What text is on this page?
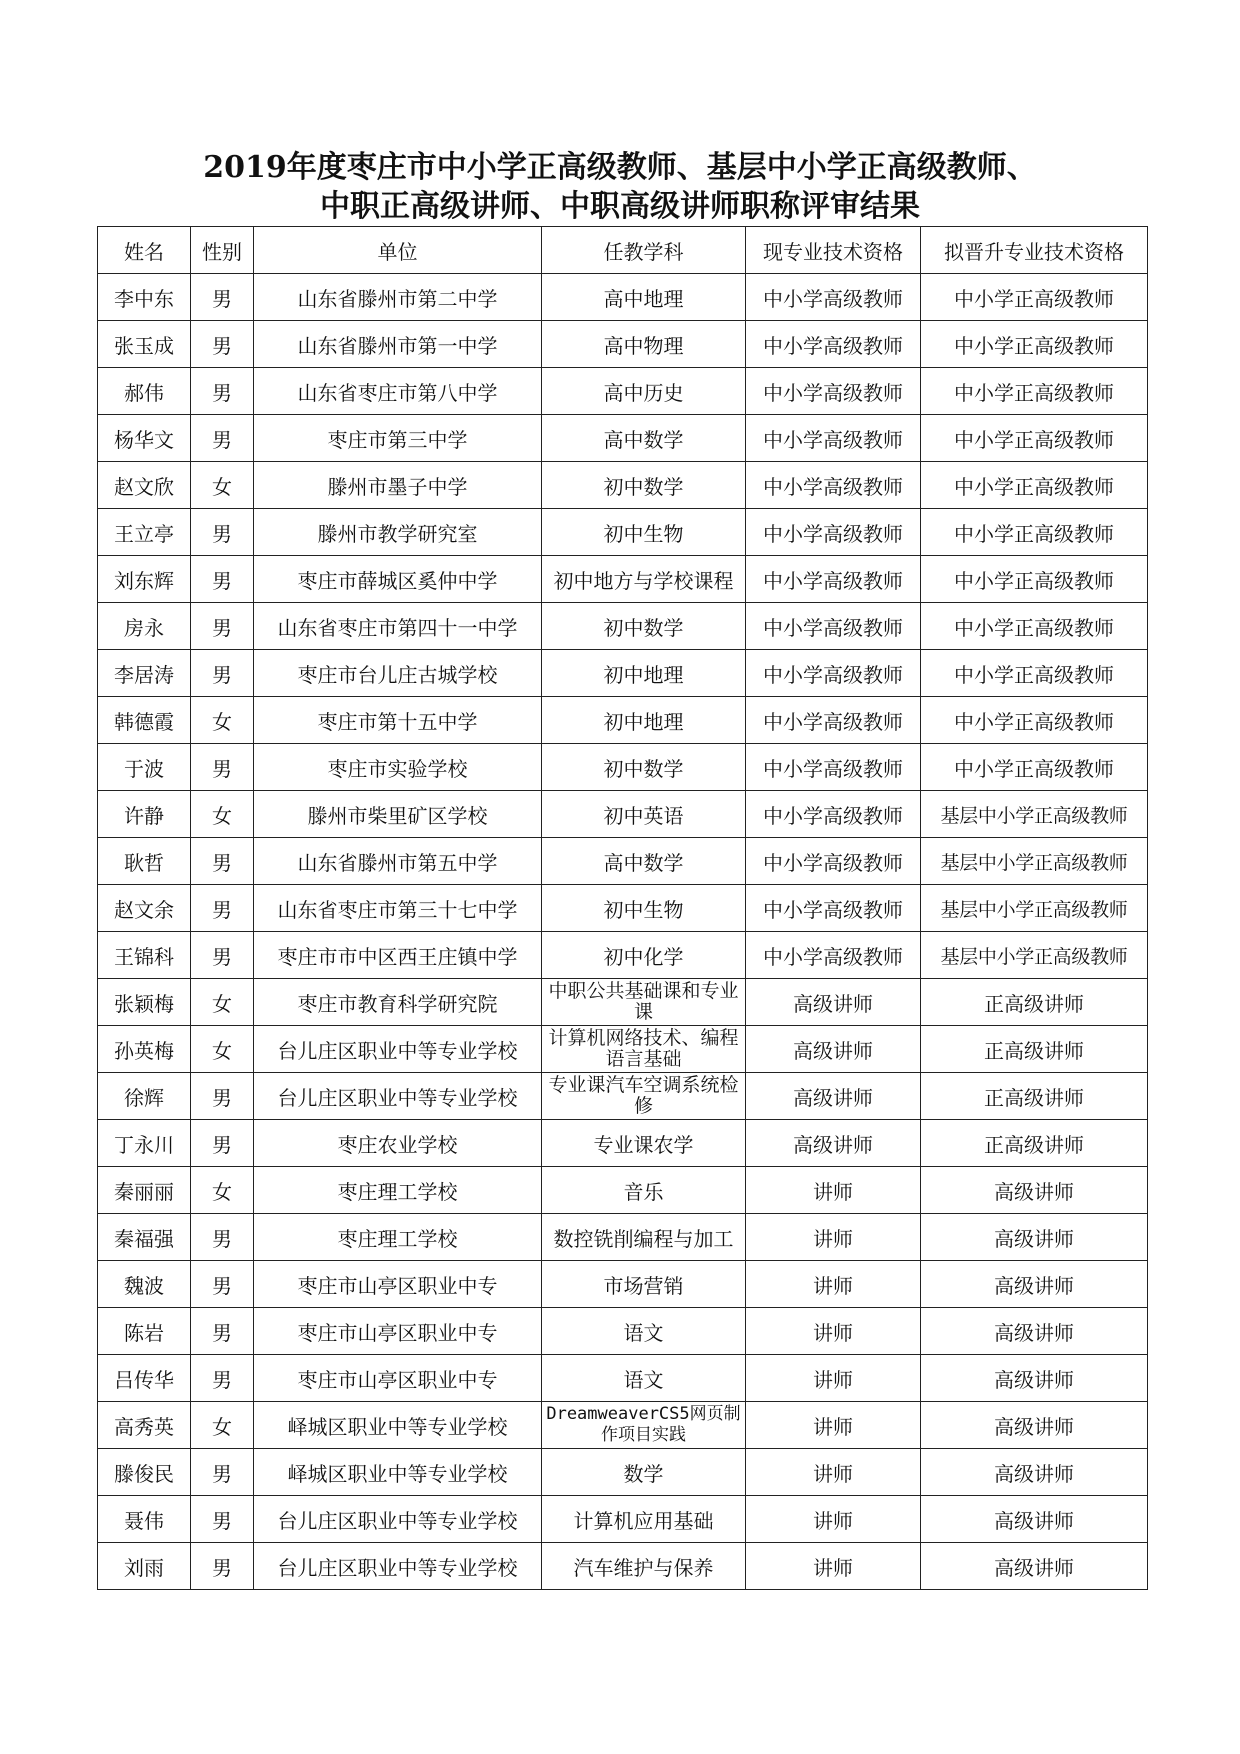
2019年度枣庄市中小学正高级教师、基层中小学正高级教师、
中职正高级讲师、中职高级讲师职称评审结果
姓名	性别	单位	任教学科	现专业技术资格	拟晋升专业技术资格
李中东	男	山东省滕州市第二中学	高中地理	中小学高级教师	中小学正高级教师
张玉成	男	山东省滕州市第一中学	高中物理	中小学高级教师	中小学正高级教师
郝伟	男	山东省枣庄市第八中学	高中历史	中小学高级教师	中小学正高级教师
杨华文	男	枣庄市第三中学	高中数学	中小学高级教师	中小学正高级教师
赵文欣	女	滕州市墨子中学	初中数学	中小学高级教师	中小学正高级教师
王立亭	男	滕州市教学研究室	初中生物	中小学高级教师	中小学正高级教师
刘东辉	男	枣庄市薛城区奚仲中学	初中地方与学校课程	中小学高级教师	中小学正高级教师
房永	男	山东省枣庄市第四十一中学	初中数学	中小学高级教师	中小学正高级教师
李居涛	男	枣庄市台儿庄古城学校	初中地理	中小学高级教师	中小学正高级教师
韩德霞	女	枣庄市第十五中学	初中地理	中小学高级教师	中小学正高级教师
于波	男	枣庄市实验学校	初中数学	中小学高级教师	中小学正高级教师
许静	女	滕州市柴里矿区学校	初中英语	中小学高级教师	基层中小学正高级教师
耿哲	男	山东省滕州市第五中学	高中数学	中小学高级教师	基层中小学正高级教师
赵文余	男	山东省枣庄市第三十七中学	初中生物	中小学高级教师	基层中小学正高级教师
王锦科	男	枣庄市市中区西王庄镇中学	初中化学	中小学高级教师	基层中小学正高级教师
张颖梅	女	枣庄市教育科学研究院	中职公共基础课和专业课	高级讲师	正高级讲师
孙英梅	女	台儿庄区职业中等专业学校	计算机网络技术、编程语言基础	高级讲师	正高级讲师
徐辉	男	台儿庄区职业中等专业学校	专业课汽车空调系统检修	高级讲师	正高级讲师
丁永川	男	枣庄农业学校	专业课农学	高级讲师	正高级讲师
秦丽丽	女	枣庄理工学校	音乐	讲师	高级讲师
秦福强	男	枣庄理工学校	数控铣削编程与加工	讲师	高级讲师
魏波	男	枣庄市山亭区职业中专	市场营销	讲师	高级讲师
陈岩	男	枣庄市山亭区职业中专	语文	讲师	高级讲师
吕传华	男	枣庄市山亭区职业中专	语文	讲师	高级讲师
高秀英	女	峄城区职业中等专业学校	DreamweaverCS5网页制作项目实践	讲师	高级讲师
滕俊民	男	峄城区职业中等专业学校	数学	讲师	高级讲师
聂伟	男	台儿庄区职业中等专业学校	计算机应用基础	讲师	高级讲师
刘雨	男	台儿庄区职业中等专业学校	汽车维护与保养	讲师	高级讲师
